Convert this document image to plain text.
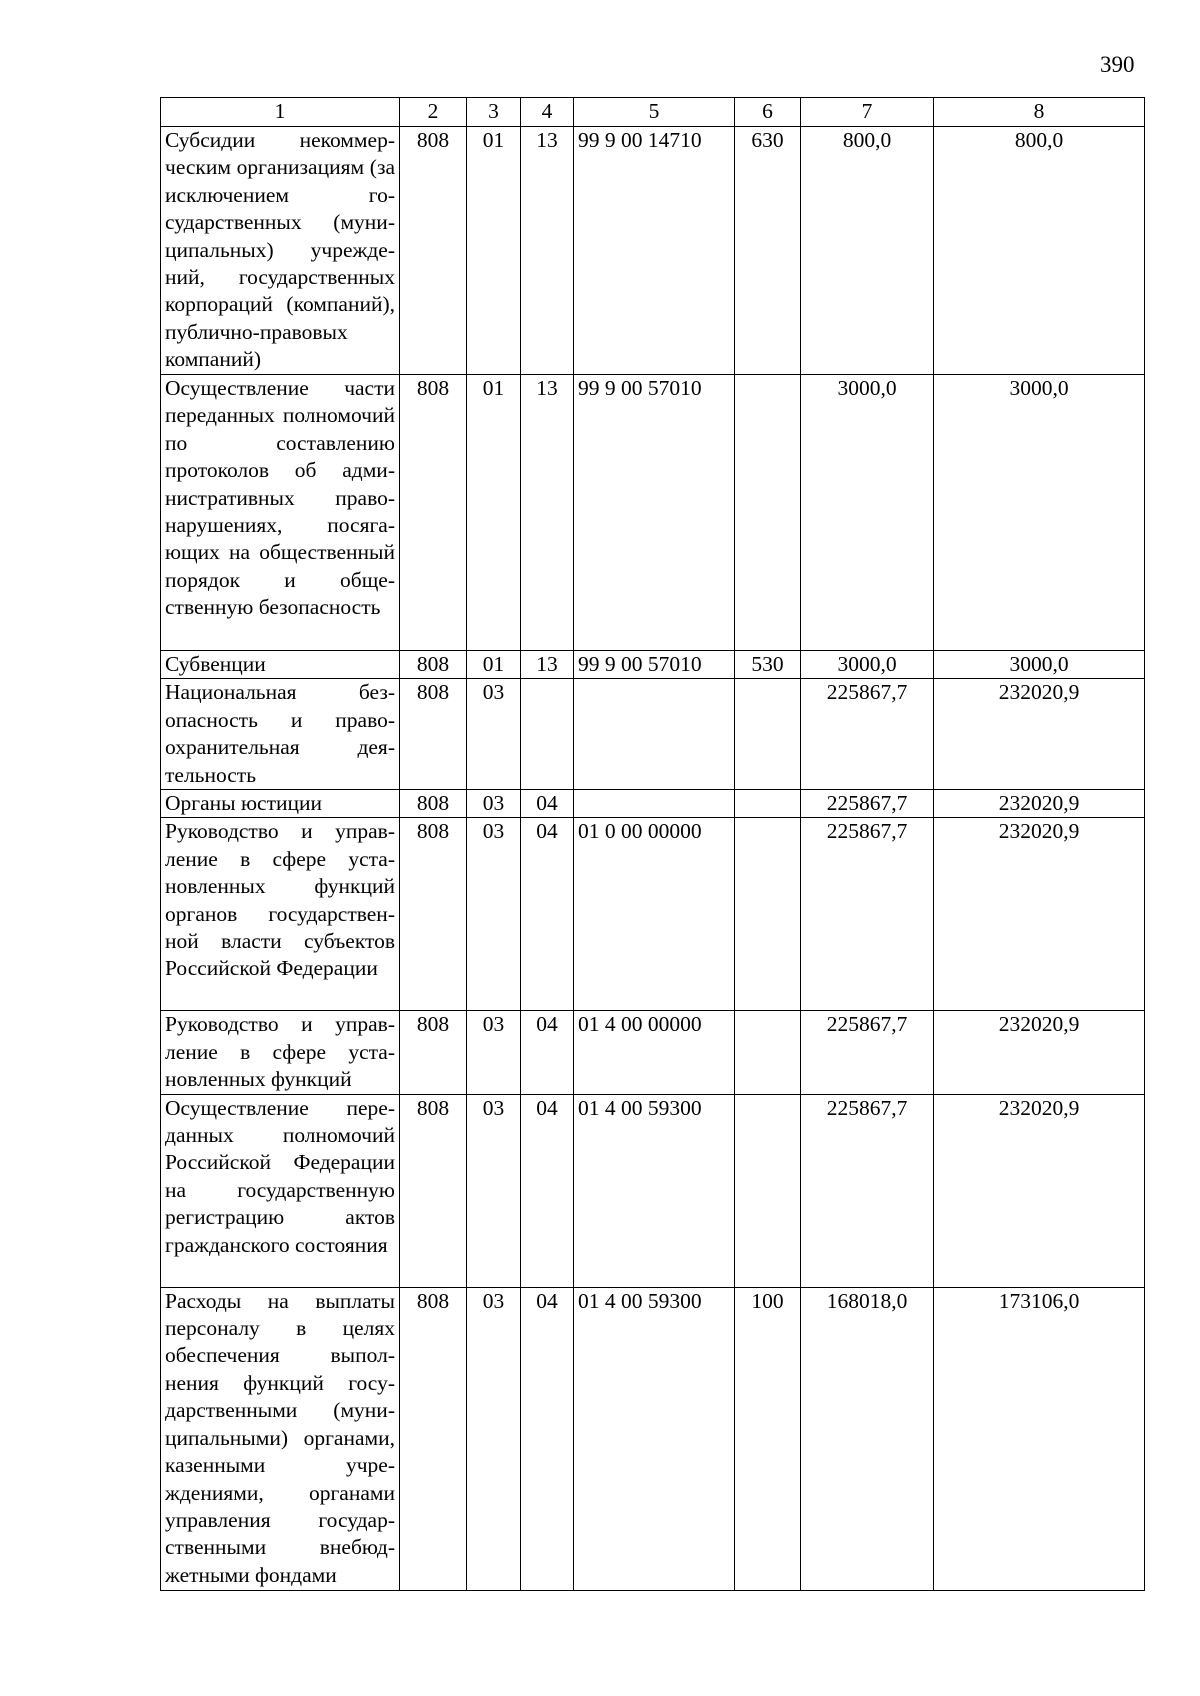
390
1	2	3	4	5	6	7	8
Субсидии некоммерческим организациям (за исключением государственных (муниципальных) учреждений, государственных корпораций (компаний), публично-правовых компаний)	808	01	13	99 9 00 14710	630	800,0	800,0
Осуществление части переданных полномочий по составлению протоколов об административных правонарушениях, посягающих на общественный порядок и общественную безопасность	808	01	13	99 9 00 57010		3000,0	3000,0
Субвенции	808	01	13	99 9 00 57010	530	3000,0	3000,0
Национальная безопасность и правоохранительная деятельность	808	03				225867,7	232020,9
Органы юстиции	808	03	04			225867,7	232020,9
Руководство и управление в сфере установленных функций органов государственной власти субъектов Российской Федерации	808	03	04	01 0 00 00000		225867,7	232020,9
Руководство и управление в сфере установленных функций	808	03	04	01 4 00 00000		225867,7	232020,9
Осуществление переданных полномочий Российской Федерации на государственную регистрацию актов гражданского состояния	808	03	04	01 4 00 59300		225867,7	232020,9
Расходы на выплаты персоналу в целях обеспечения выполнения функций государственными (муниципальными) органами, казенными учреждениями, органами управления государственными внебюджетными фондами	808	03	04	01 4 00 59300	100	168018,0	173106,0
